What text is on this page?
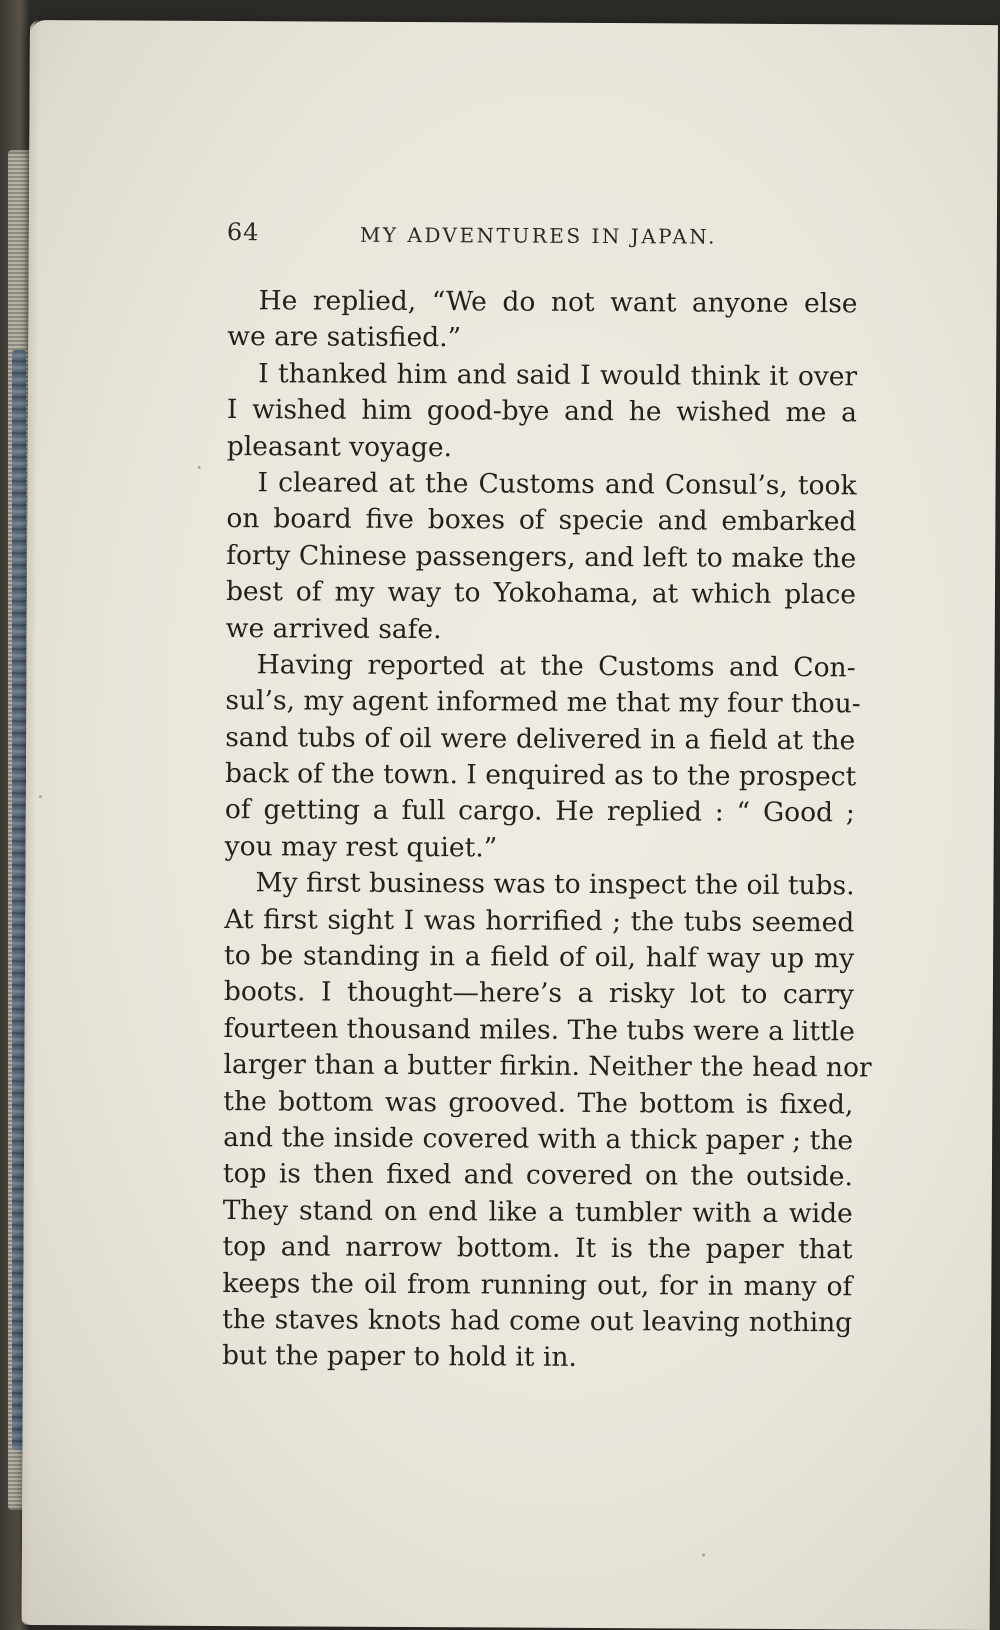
64	MY ADVENTURES IN JAPAN.
He replied, “We do not want anyone else
we are satisfied.”
I thanked him and said I would think it over
I wished him good-bye and he wished me a
pleasant voyage.
I cleared at the Customs and Consul’s, took
on board five boxes of specie and embarked
forty Chinese passengers, and left to make the
best of my way to Yokohama, at which place
we arrived safe.
Having reported at the Customs and Con-
sul’s, my agent informed me that my four thou-
sand tubs of oil were delivered in a field at the
back of the town. I enquired as to the prospect
of getting a full cargo. He replied : “ Good ;
you may rest quiet.”
My first business was to inspect the oil tubs.
At first sight I was horrified ; the tubs seemed
to be standing in a field of oil, half way up my
boots. I thought—here’s a risky lot to carry
fourteen thousand miles. The tubs were a little
larger than a butter firkin. Neither the head nor
the bottom was grooved. The bottom is fixed,
and the inside covered with a thick paper ; the
top is then fixed and covered on the outside.
They stand on end like a tumbler with a wide
top and narrow bottom. It is the paper that
keeps the oil from running out, for in many of
the staves knots had come out leaving nothing
but the paper to hold it in.
